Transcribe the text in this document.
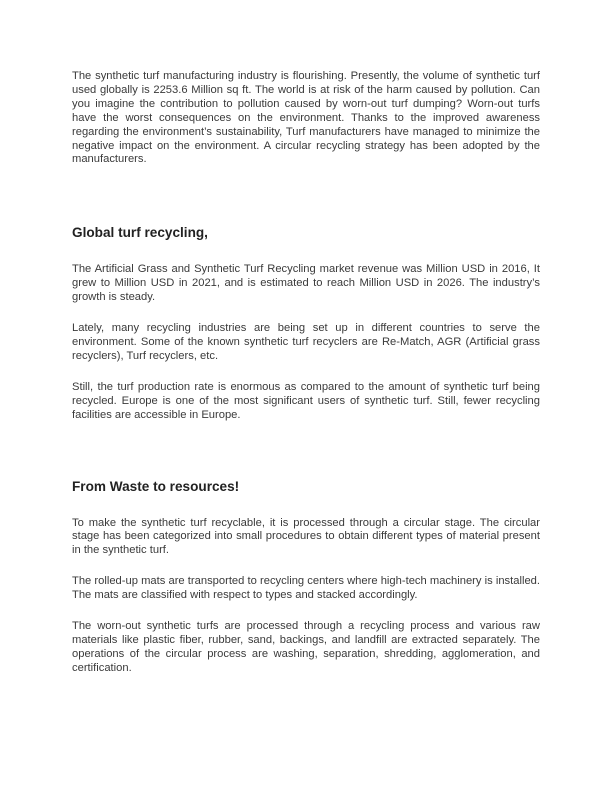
The synthetic turf manufacturing industry is flourishing. Presently, the volume of synthetic turf used globally is 2253.6 Million sq ft. The world is at risk of the harm caused by pollution. Can you imagine the contribution to pollution caused by worn-out turf dumping? Worn-out turfs have the worst consequences on the environment. Thanks to the improved awareness regarding the environment’s sustainability, Turf manufacturers have managed to minimize the negative impact on the environment. A circular recycling strategy has been adopted by the manufacturers.

Global turf recycling,

The Artificial Grass and Synthetic Turf Recycling market revenue was Million USD in 2016, It grew to Million USD in 2021, and is estimated to reach Million USD in 2026. The industry’s growth is steady.

Lately, many recycling industries are being set up in different countries to serve the environment. Some of the known synthetic turf recyclers are Re-Match, AGR (Artificial grass recyclers), Turf recyclers, etc.

Still, the turf production rate is enormous as compared to the amount of synthetic turf being recycled. Europe is one of the most significant users of synthetic turf. Still, fewer recycling facilities are accessible in Europe.

From Waste to resources!

To make the synthetic turf recyclable, it is processed through a circular stage. The circular stage has been categorized into small procedures to obtain different types of material present in the synthetic turf.

The rolled-up mats are transported to recycling centers where high-tech machinery is installed. The mats are classified with respect to types and stacked accordingly.

The worn-out synthetic turfs are processed through a recycling process and various raw materials like plastic fiber, rubber, sand, backings, and landfill are extracted separately. The operations of the circular process are washing, separation, shredding, agglomeration, and certification.
